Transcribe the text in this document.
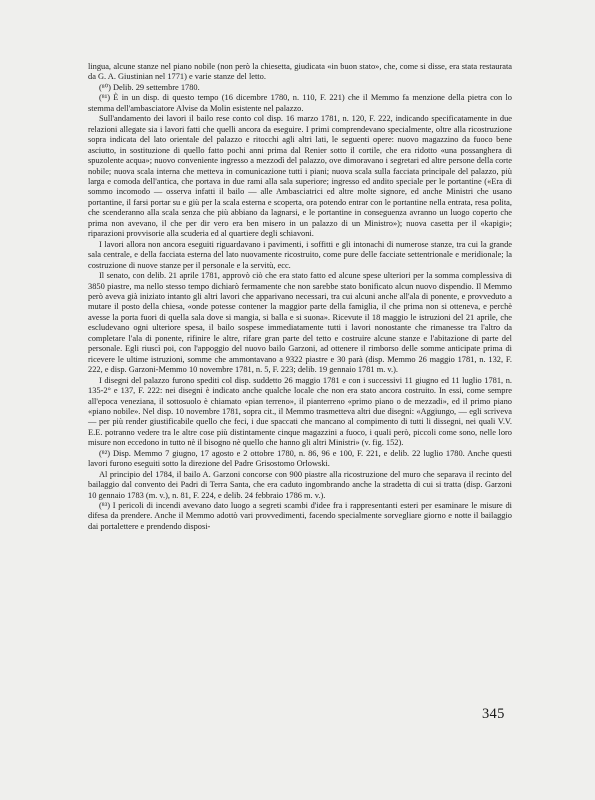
lingua, alcune stanze nel piano nobile (non però la chiesetta, giudicata «in buon stato», che, come si disse, era stata restaurata da G. A. Giustinian nel 1771) e varie stanze del letto.

(⁸⁰) Delib. 29 settembre 1780.

(⁸¹) È in un disp. di questo tempo (16 dicembre 1780, n. 110, F. 221) che il Memmo fa menzione della pietra con lo stemma dell'ambasciatore Alvise da Molin esistente nel palazzo.

Sull'andamento dei lavori il bailo rese conto col disp. 16 marzo 1781, n. 120, F. 222, indicando specificatamente in due relazioni allegate sia i lavori fatti che quelli ancora da eseguire. I primi comprendevano specialmente, oltre alla ricostruzione sopra indicata del lato orientale del palazzo e ritocchi agli altri lati, le seguenti opere: nuovo magazzino da fuoco bene asciutto, in sostituzione di quello fatto pochi anni prima dal Renier sotto il cortile, che era ridotto «una possanghera di spuzolente acqua»; nuovo conveniente ingresso a mezzodì del palazzo, ove dimoravano i segretari ed altre persone della corte nobile; nuova scala interna che metteva in comunicazione tutti i piani; nuova scala sulla facciata principale del palazzo, più larga e comoda dell'antica, che portava in due rami alla sala superiore; ingresso ed andito speciale per le portantine («Era di sommo incomodo — osserva infatti il bailo — alle Ambasciatrici ed altre molte signore, ed anche Ministri che usano portantine, il farsi portar su e giù per la scala esterna e scoperta, ora potendo entrar con le portantine nella entrata, resa polita, che scenderanno alla scala senza che più abbiano da lagnarsi, e le portantine in conseguenza avranno un luogo coperto che prima non avevano, il che per dir vero era ben misero in un palazzo di un Ministro»); nuova casetta per il «kapigi»; riparazioni provvisorie alla scuderia ed al quartiere degli schiavoni.

I lavori allora non ancora eseguiti riguardavano i pavimenti, i soffitti e gli intonachi di numerose stanze, tra cui la grande sala centrale, e della facciata esterna del lato nuovamente ricostruito, come pure delle facciate settentrionale e meridionale; la costruzione di nuove stanze per il personale e la servitù, ecc.

Il senato, con delib. 21 aprile 1781, approvò ciò che era stato fatto ed alcune spese ulteriori per la somma complessiva di 3850 piastre, ma nello stesso tempo dichiarò fermamente che non sarebbe stato bonificato alcun nuovo dispendio. Il Memmo però aveva già iniziato intanto gli altri lavori che apparivano necessari, tra cui alcuni anche all'ala di ponente, e provveduto a mutare il posto della chiesa, «onde potesse contener la maggior parte della famiglia, il che prima non si otteneva, e perchè avesse la porta fuori di quella sala dove si mangia, si balla e si suona». Ricevute il 18 maggio le istruzioni del 21 aprile, che escludevano ogni ulteriore spesa, il bailo sospese immediatamente tutti i lavori nonostante che rimanesse tra l'altro da completare l'ala di ponente, rifinire le altre, rifare gran parte del tetto e costruire alcune stanze e l'abitazione di parte del personale. Egli riuscì poi, con l'appoggio del nuovo bailo Garzoni, ad ottenere il rimborso delle somme anticipate prima di ricevere le ultime istruzioni, somme che ammontavano a 9322 piastre e 30 parà (disp. Memmo 26 maggio 1781, n. 132, F. 222, e disp. Garzoni-Memmo 10 novembre 1781, n. 5, F. 223; delib. 19 gennaio 1781 m. v.).

I disegni del palazzo furono spediti col disp. suddetto 26 maggio 1781 e con i successivi 11 giugno ed 11 luglio 1781, n. 135-2° e 137, F. 222: nei disegni è indicato anche qualche locale che non era stato ancora costruito. In essi, come sempre all'epoca veneziana, il sottosuolo è chiamato «pian terreno», il pianterreno «primo piano o de mezzadi», ed il primo piano «piano nobile». Nel disp. 10 novembre 1781, sopra cit., il Memmo trasmetteva altri due disegni: «Aggiungo, — egli scriveva — per più render giustificabile quello che feci, i due spaccati che mancano al compimento di tutti li dissegni, nei quali V.V. E.E. potranno vedere tra le altre cose più distintamente cinque magazzini a fuoco, i quali però, piccoli come sono, nelle loro misure non eccedono in tutto nè il bisogno nè quello che hanno gli altri Ministri» (v. fig. 152).

(⁸²) Disp. Memmo 7 giugno, 17 agosto e 2 ottobre 1780, n. 86, 96 e 100, F. 221, e delib. 22 luglio 1780. Anche questi lavori furono eseguiti sotto la direzione del Padre Grisostomo Orlowski.

Al principio del 1784, il bailo A. Garzoni concorse con 900 piastre alla ricostruzione del muro che separava il recinto del bailaggio dal convento dei Padri di Terra Santa, che era caduto ingombrando anche la stradetta di cui si tratta (disp. Garzoni 10 gennaio 1783 (m. v.), n. 81, F. 224, e delib. 24 febbraio 1786 m. v.).

(⁸³) I pericoli di incendi avevano dato luogo a segreti scambi d'idee fra i rappresentanti esteri per esaminare le misure di difesa da prendere. Anche il Memmo adottò vari provvedimenti, facendo specialmente sorvegliare giorno e notte il bailaggio dai portalettere e prendendo disposi-

345
